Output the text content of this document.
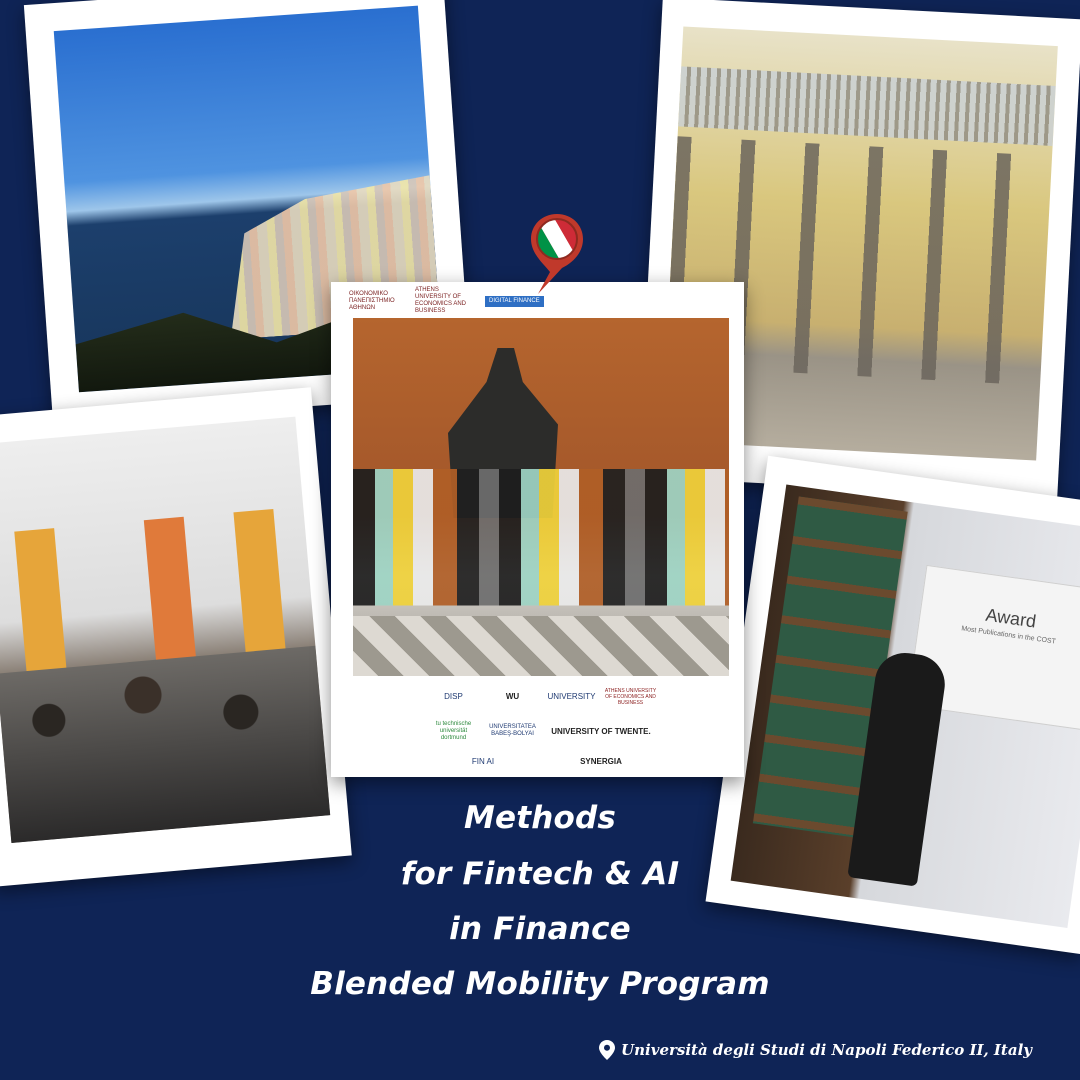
Award
Most Publications in the COST
ΟΙΚΟΝΟΜΙΚΟ ΠΑΝΕΠΙΣΤΗΜΙΟ ΑΘΗΝΩΝ
ATHENS UNIVERSITY OF ECONOMICS AND BUSINESS
DIGITAL FINANCE
DISP	WU	UNIVERSITY
ATHENS UNIVERSITY OF ECONOMICS AND BUSINESS
tu technische universität dortmund
UNIVERSITATEA BABEŞ-BOLYAI	UNIVERSITY OF TWENTE.
FIN AI	SYNERGIA
Methods
for Fintech & AI
in Finance
Blended Mobility Program
Università degli Studi di Napoli Federico II, Italy
